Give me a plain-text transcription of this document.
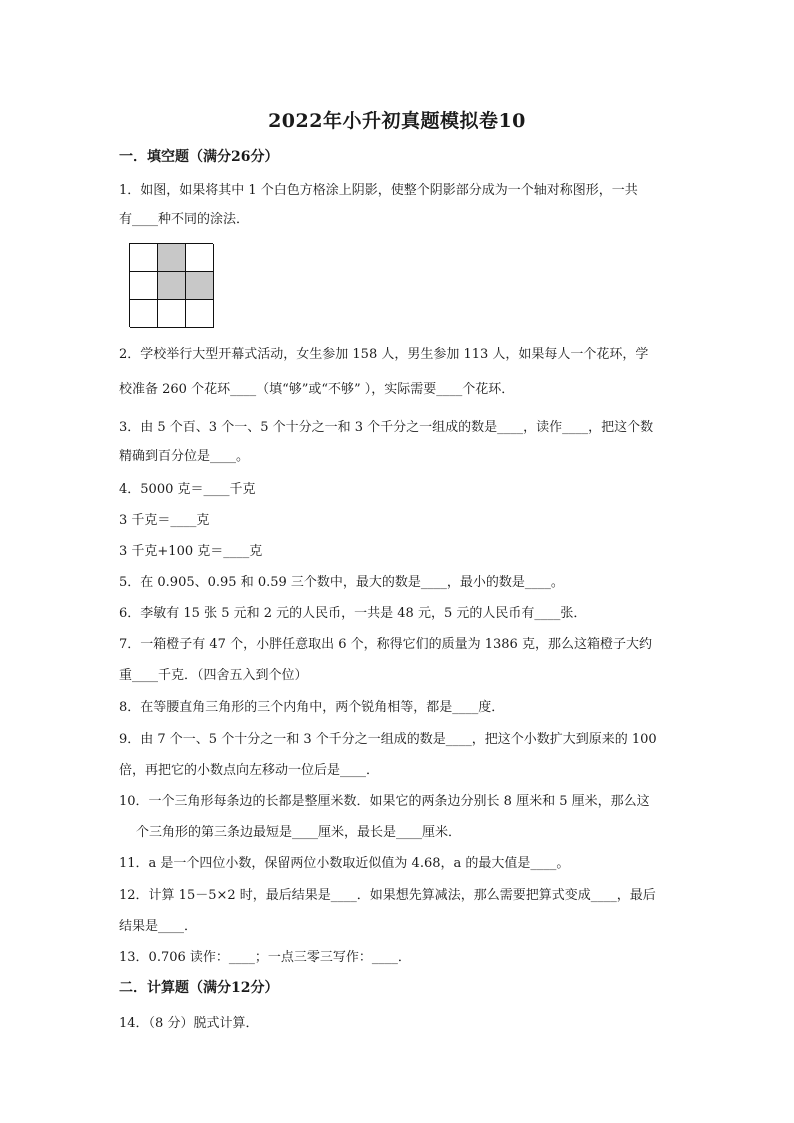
2022年小升初真题模拟卷10
一．填空题（满分26分）
1．如图，如果将其中 1 个白色方格涂上阴影，使整个阴影部分成为一个轴对称图形，一共
有____种不同的涂法．
2．学校举行大型开幕式活动，女生参加 158 人，男生参加 113 人，如果每人一个花环，学
校准备 260 个花环____（填“够”或“不够” ），实际需要____个花环．
3．由 5 个百、3 个一、5 个十分之一和 3 个千分之一组成的数是____，读作____，把这个数
精确到百分位是____。
4．5000 克＝____千克
3 千克＝____克
3 千克+100 克＝____克
5．在 0.905、0.95 和 0.59 三个数中，最大的数是____，最小的数是____。
6．李敏有 15 张 5 元和 2 元的人民币，一共是 48 元，5 元的人民币有____张．
7．一箱橙子有 47 个，小胖任意取出 6 个，称得它们的质量为 1386 克，那么这箱橙子大约
重____千克．（四舍五入到个位）
8．在等腰直角三角形的三个内角中，两个锐角相等，都是____度．
9．由 7 个一、5 个十分之一和 3 个千分之一组成的数是____，把这个小数扩大到原来的 100
倍，再把它的小数点向左移动一位后是____．
10．一个三角形每条边的长都是整厘米数．如果它的两条边分别长 8 厘米和 5 厘米，那么这
个三角形的第三条边最短是____厘米，最长是____厘米．
11．a 是一个四位小数，保留两位小数取近似值为 4.68，a 的最大值是____。
12．计算 15－5×2 时，最后结果是____．如果想先算减法，那么需要把算式变成____，最后
结果是____．
13．0.706 读作：____；一点三零三写作：____．
二．计算题（满分12分）
14．（8 分）脱式计算．
